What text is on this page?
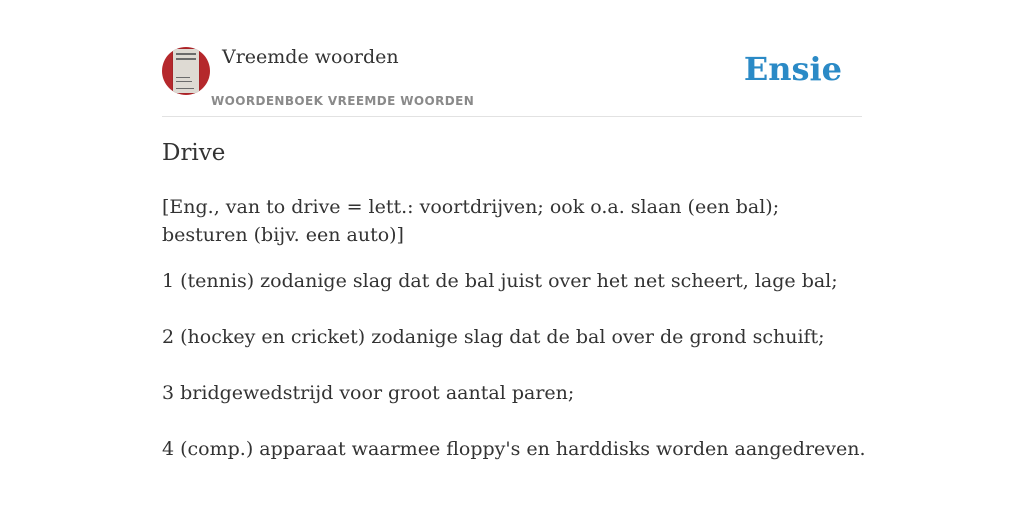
Vreemde woorden
WOORDENBOEK VREEMDE WOORDEN
Ensie
Drive
[Eng., van to drive = lett.: voortdrijven; ook o.a. slaan (een bal); besturen (bijv. een auto)]
1 (tennis) zodanige slag dat de bal juist over het net scheert, lage bal;
2 (hockey en cricket) zodanige slag dat de bal over de grond schuift;
3 bridgewedstrijd voor groot aantal paren;
4 (comp.) apparaat waarmee floppy's en harddisks worden aangedreven.
